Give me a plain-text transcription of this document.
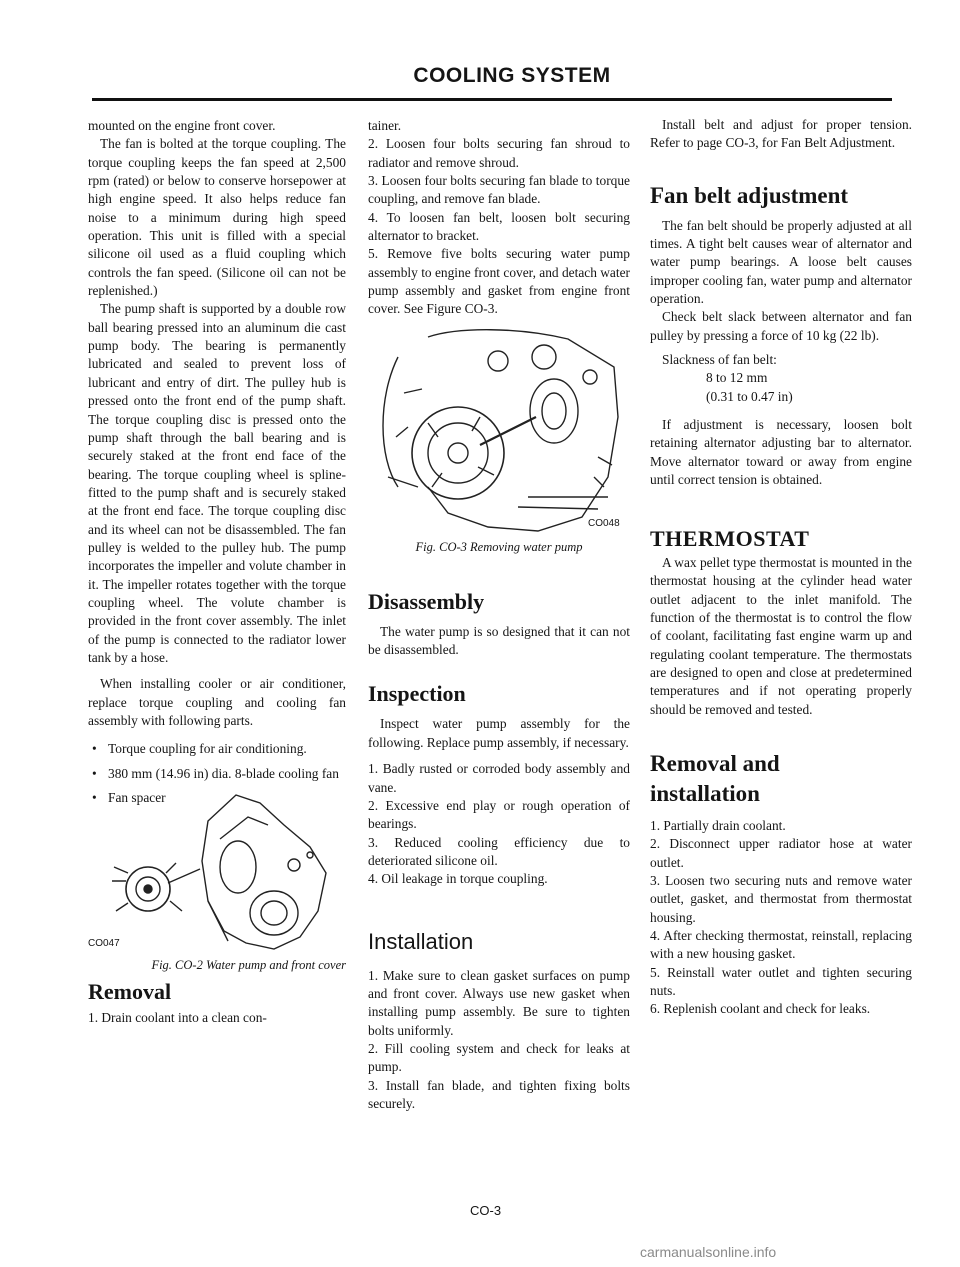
COOLING SYSTEM

mounted on the engine front cover.

The fan is bolted at the torque coupling. The torque coupling keeps the fan speed at 2,500 rpm (rated) or below to conserve horsepower at high engine speed. It also helps reduce fan noise to a minimum during high speed operation. This unit is filled with a special silicone oil used as a fluid coupling which controls the fan speed. (Silicone oil can not be replenished.)

The pump shaft is supported by a double row ball bearing pressed into an aluminum die cast pump body. The bearing is permanently lubricated and sealed to prevent loss of lubricant and entry of dirt. The pulley hub is pressed onto the front end of the pump shaft. The torque coupling disc is pressed onto the pump shaft through the ball bearing and is securely staked at the front end face of the bearing. The torque coupling wheel is spline-fitted to the pump shaft and is securely staked at the front end face. The torque coupling disc and its wheel can not be disassembled. The fan pulley is welded to the pulley hub. The pump incorporates the impeller and volute chamber in it. The impeller rotates together with the torque coupling wheel. The volute chamber is provided in the front cover assembly. The inlet of the pump is connected to the radiator lower tank by a hose.

When installing cooler or air conditioner, replace torque coupling and cooling fan assembly with following parts.

• Torque coupling for air conditioning.
• 380 mm (14.96 in) dia. 8-blade cooling fan
• Fan spacer
CO047
Fig. CO-2 Water pump and front cover
Removal

1. Drain coolant into a clean con-

tainer.

2. Loosen four bolts securing fan shroud to radiator and remove shroud.
3. Loosen four bolts securing fan blade to torque coupling, and remove fan blade.
4. To loosen fan belt, loosen bolt securing alternator to bracket.
5. Remove five bolts securing water pump assembly to engine front cover, and detach water pump assembly and gasket from engine front cover. See Figure CO-3.
CO048
Fig. CO-3 Removing water pump
Disassembly

The water pump is so designed that it can not be disassembled.

Inspection

Inspect water pump assembly for the following. Replace pump assembly, if necessary.

1. Badly rusted or corroded body assembly and vane.
2. Excessive end play or rough operation of bearings.
3. Reduced cooling efficiency due to deteriorated silicone oil.
4. Oil leakage in torque coupling.
Installation
1. Make sure to clean gasket surfaces on pump and front cover. Always use new gasket when installing pump assembly. Be sure to tighten bolts uniformly.
2. Fill cooling system and check for leaks at pump.
3. Install fan blade, and tighten fixing bolts securely.

Install belt and adjust for proper tension. Refer to page CO-3, for Fan Belt Adjustment.

Fan belt adjustment

The fan belt should be properly adjusted at all times. A tight belt causes wear of alternator and water pump bearings. A loose belt causes improper cooling fan, water pump and alternator operation.

Check belt slack between alternator and fan pulley by pressing a force of 10 kg (22 lb).

Slackness of fan belt:

8 to 12 mm

(0.31 to 0.47 in)

If adjustment is necessary, loosen bolt retaining alternator adjusting bar to alternator. Move alternator toward or away from engine until correct tension is obtained.

THERMOSTAT

A wax pellet type thermostat is mounted in the thermostat housing at the cylinder head water outlet adjacent to the inlet manifold. The function of the thermostat is to control the flow of coolant, facilitating fast engine warm up and regulating coolant temperature. The thermostats are designed to open and close at predetermined temperatures and if not operating properly should be removed and tested.

Removal and
installation
1. Partially drain coolant.
2. Disconnect upper radiator hose at water outlet.
3. Loosen two securing nuts and remove water outlet, gasket, and thermostat from thermostat housing.
4. After checking thermostat, reinstall, replacing with a new housing gasket.
5. Reinstall water outlet and tighten securing nuts.
6. Replenish coolant and check for leaks.
CO-3
carmanualsonline.info
